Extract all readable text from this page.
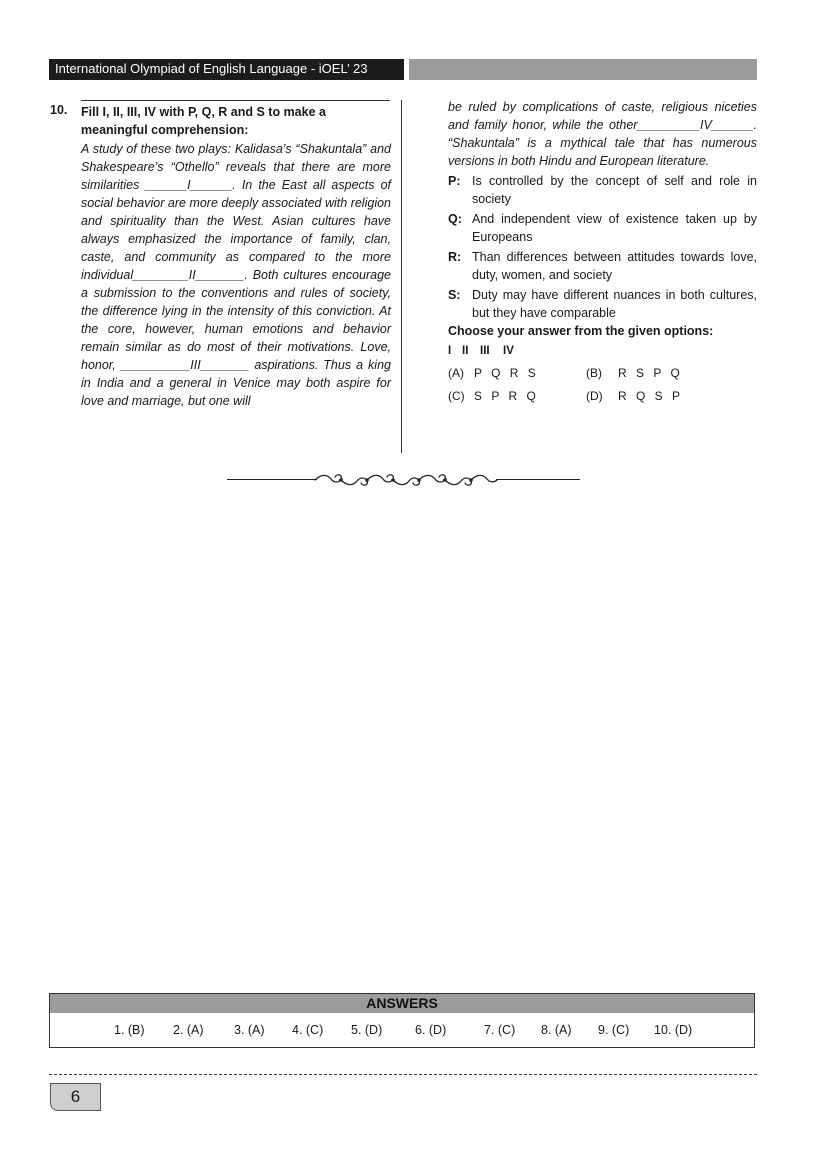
International Olympiad of English Language - iOEL’ 23
10. Fill I, II, III, IV with P, Q, R and S to make a meaningful comprehension:
A study of these two plays: Kalidasa’s “Shakuntala” and Shakespeare’s “Othello” reveals that there are more similarities ______I______. In the East all aspects of social behavior are more deeply associated with religion and spirituality than the West. Asian cultures have always emphasized the importance of family, clan, caste, and community as compared to the more individual________II_______. Both cultures encourage a submission to the conventions and rules of society, the difference lying in the intensity of this conviction. At the core, however, human emotions and behavior remain similar as do most of their motivations. Love, honor, __________III_______ aspirations. Thus a king in India and a general in Venice may both aspire for love and marriage, but one will
be ruled by complications of caste, religious niceties and family honor, while the other_________IV______. “Shakuntala” is a mythical tale that has numerous versions in both Hindu and European literature.
P: Is controlled by the concept of self and role in society
Q: And independent view of existence taken up by Europeans
R: Than differences between attitudes towards love, duty, women, and society
S: Duty may have different nuances in both cultures, but they have comparable
Choose your answer from the given options:
I II III IV
(A) P Q R S	(B) R S P Q
(C) S P R Q	(D) R Q S P
ANSWERS
1. (B) 2. (A) 3. (A) 4. (C) 5. (D)	6. (D)	7. (C) 8. (A) 9. (C) 10. (D)
6
